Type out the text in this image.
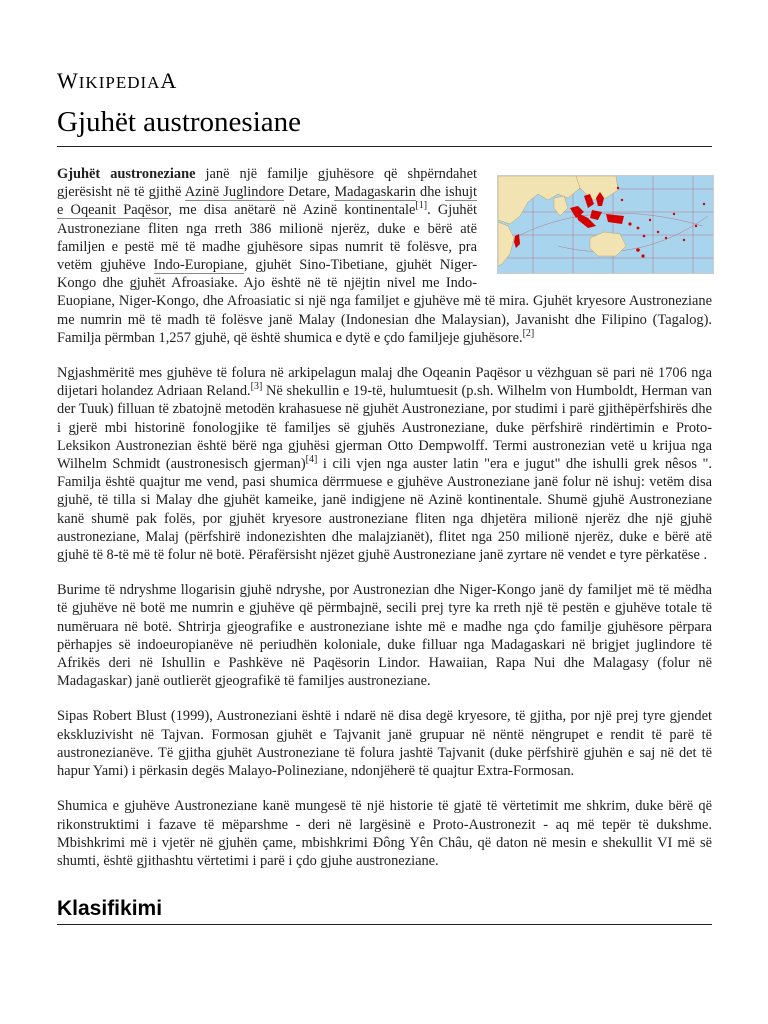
WIKIPEDIAA
Gjuhët austronesiane

Gjuhët austroneziane janë një familje gjuhësore që shpërndahet gjerësisht në të gjithë Azinë Juglindore Detare, Madagaskarin dhe ishujt e Oqeanit Paqësor, me disa anëtarë në Azinë kontinentale[1]. Gjuhët Austroneziane fliten nga rreth 386 milionë njerëz, duke e bërë atë familjen e pestë më të madhe gjuhësore sipas numrit të folësve, pra vetëm gjuhëve Indo-Europiane, gjuhët Sino-Tibetiane, gjuhët Niger-Kongo dhe gjuhët Afroasiake. Ajo është në të njëjtin nivel me Indo-Euopiane, Niger-Kongo, dhe Afroasiatic si një nga familjet e gjuhëve më të mira. Gjuhët kryesore Austroneziane me numrin më të madh të folësve janë Malay (Indonesian dhe Malaysian), Javanisht dhe Filipino (Tagalog). Familja përmban 1,257 gjuhë, që është shumica e dytë e çdo familjeje gjuhësore.[2]

Ngjashmëritë mes gjuhëve të folura në arkipelagun malaj dhe Oqeanin Paqësor u vëzhguan së pari në 1706 nga dijetari holandez Adriaan Reland.[3] Në shekullin e 19-të, hulumtuesit (p.sh. Wilhelm von Humboldt, Herman van der Tuuk) filluan të zbatojnë metodën krahasuese në gjuhët Austroneziane, por studimi i parë gjithëpërfshirës dhe i gjerë mbi historinë fonologjike të familjes së gjuhës Austroneziane, duke përfshirë rindërtimin e Proto- Leksikon Austronezian është bërë nga gjuhësi gjerman Otto Dempwolff. Termi austronezian vetë u krijua nga Wilhelm Schmidt (austronesisch gjerman)[4] i cili vjen nga auster latin "era e jugut" dhe ishulli grek nêsos ". Familja është quajtur me vend, pasi shumica dërrmuese e gjuhëve Austroneziane janë folur në ishuj: vetëm disa gjuhë, të tilla si Malay dhe gjuhët kameike, janë indigjene në Azinë kontinentale. Shumë gjuhë Austroneziane kanë shumë pak folës, por gjuhët kryesore austroneziane fliten nga dhjetëra milionë njerëz dhe një gjuhë austroneziane, Malaj (përfshirë indonezishten dhe malajzianët), flitet nga 250 milionë njerëz, duke e bërë atë gjuhë të 8-të më të folur në botë. Përafërsisht njëzet gjuhë Austroneziane janë zyrtare në vendet e tyre përkatëse .

Burime të ndryshme llogarisin gjuhë ndryshe, por Austronezian dhe Niger-Kongo janë dy familjet më të mëdha të gjuhëve në botë me numrin e gjuhëve që përmbajnë, secili prej tyre ka rreth një të pestën e gjuhëve totale të numëruara në botë. Shtrirja gjeografike e austroneziane ishte më e madhe nga çdo familje gjuhësore përpara përhapjes së indoeuropianëve në periudhën koloniale, duke filluar nga Madagaskari në brigjet juglindore të Afrikës deri në Ishullin e Pashkëve në Paqësorin Lindor. Hawaiian, Rapa Nui dhe Malagasy (folur në Madagaskar) janë outlierët gjeografikë të familjes austroneziane.

Sipas Robert Blust (1999), Austroneziani është i ndarë në disa degë kryesore, të gjitha, por një prej tyre gjendet ekskluzivisht në Tajvan. Formosan gjuhët e Tajvanit janë grupuar në nëntë nëngrupet e rendit të parë të austronezianëve. Të gjitha gjuhët Austroneziane të folura jashtë Tajvanit (duke përfshirë gjuhën e saj në det të hapur Yami) i përkasin degës Malayo-Polineziane, ndonjëherë të quajtur Extra-Formosan.

Shumica e gjuhëve Austroneziane kanë mungesë të një historie të gjatë të vërtetimit me shkrim, duke bërë që rikonstruktimi i fazave të mëparshme - deri në largësinë e Proto-Austronezit - aq më tepër të dukshme. Mbishkrimi më i vjetër në gjuhën çame, mbishkrimi Đông Yên Châu, që daton në mesin e shekullit VI më së shumti, është gjithashtu vërtetimi i parë i çdo gjuhe austroneziane.

Klasifikimi
